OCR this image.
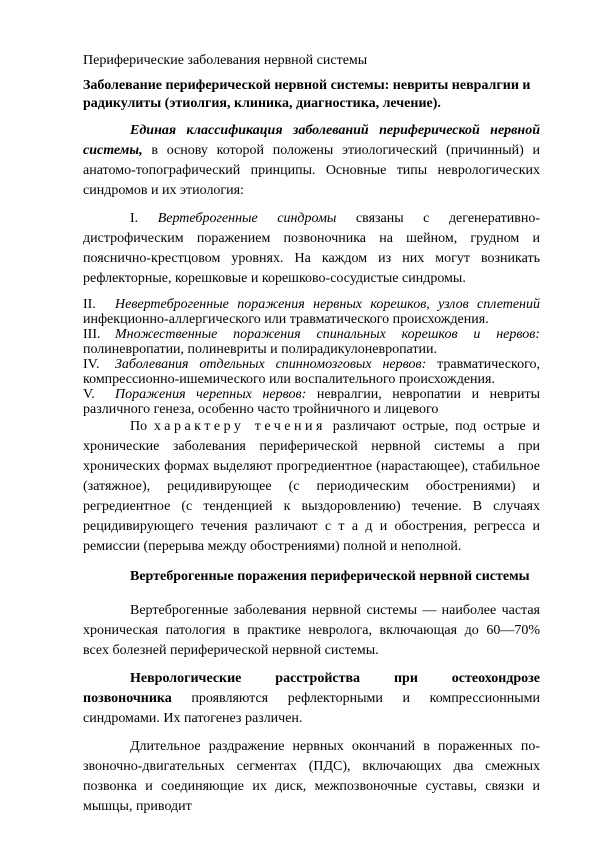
Периферические заболевания нервной системы
Заболевание периферической нервной системы: невриты невралгии и радикулиты (этиолгия, клиника, диагностика, лечение).

Единая классификация заболеваний периферической нервной системы, в основу которой положены этиологический (причинный) и анатомо-топографический принципы. Основные типы неврологических синдромов и их этиология:

I. Вертеброгенные синдромы связаны с дегенеративно-дистрофическим поражением позвоночника на шейном, грудном и пояснично-крестцовом уровнях. На каждом из них могут возникать рефлекторные, корешковые и корешково-сосудистые синдромы.

II. Невертеброгенные поражения нервных корешков, узлов сплетений инфекционно-аллергического или травматического происхождения.
III. Множественные поражения спинальных корешков и нервов: полиневропатии, полиневриты и полирадикулоневропатии.
IV. Заболевания отдельных спинномозговых нервов: травматического, компрессионно-ишемического или воспалительного происхождения.
V. Поражения черепных нервов: невралгии, невропатии и невриты различного генеза, особенно часто тройничного и лицевого

По характеру течения различают острые, под острые и хронические заболевания периферической нервной системы а при хронических формах выделяют прогредиентное (нарастающее), стабильное (затяжное), рецидивирующее (с периодическим обострениями) и регредиентное (с тенденцией к выздоровлению) течение. В случаях рецидивирующего течения различают с т а д и обострения, регресса и ремиссии (перерыва между обострениями) полной и неполной.

Вертеброгенные поражения периферической нервной системы

Вертеброгенные заболевания нервной системы — наиболее частая хроническая патология в практике невролога, включающая до 60—70% всех болезней периферической нервной системы.

Неврологические расстройства при остеохондрозе позвоночника проявляются рефлекторными и компрессионными синдромами. Их патогенез различен.

Длительное раздражение нервных окончаний в пораженных по-звоночно-двигательных сегментах (ПДС), включающих два смежных позвонка и соединяющие их диск, межпозвоночные суставы, связки и мышцы, приводит
